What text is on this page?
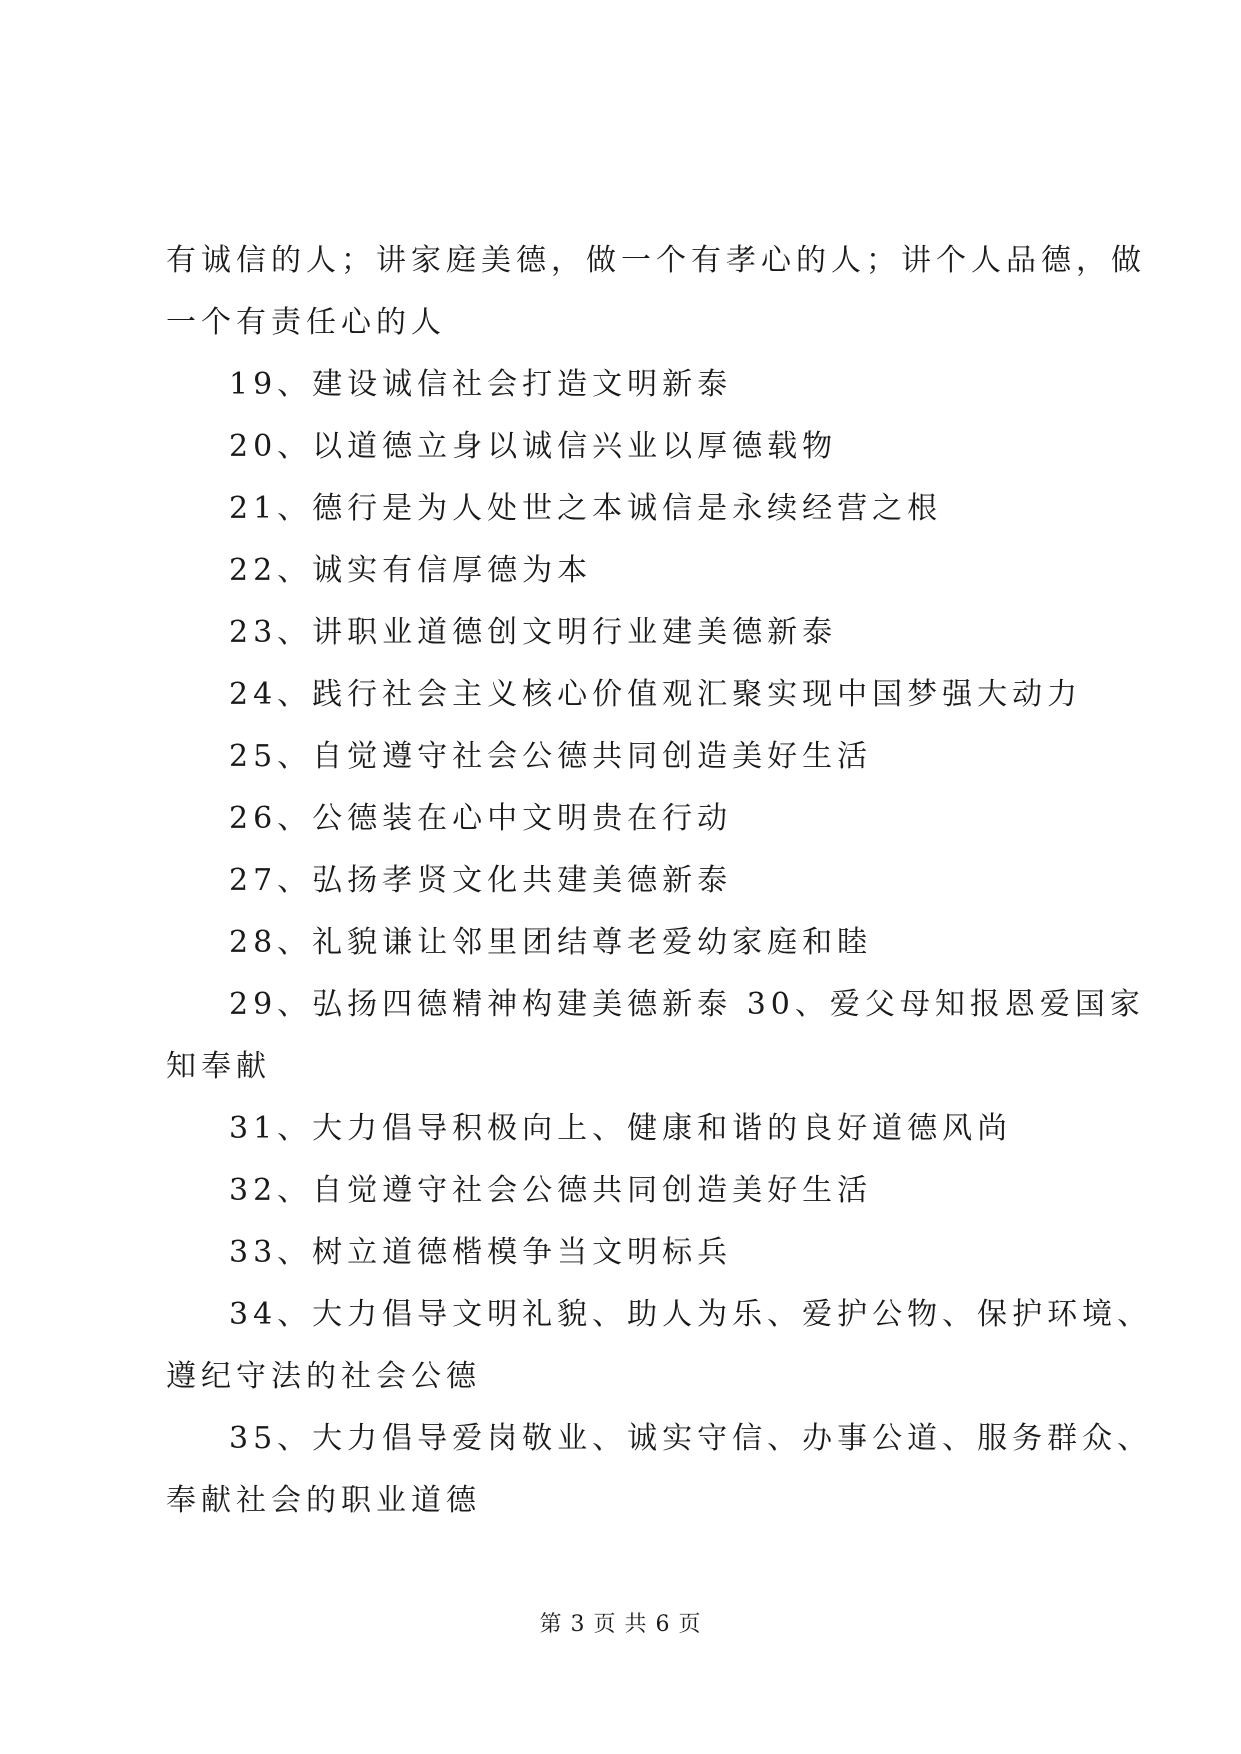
有诚信的人；讲家庭美德，做一个有孝心的人；讲个人品德，做
一个有责任心的人
19、建设诚信社会打造文明新泰
20、以道德立身以诚信兴业以厚德载物
21、德行是为人处世之本诚信是永续经营之根
22、诚实有信厚德为本
23、讲职业道德创文明行业建美德新泰
24、践行社会主义核心价值观汇聚实现中国梦强大动力
25、自觉遵守社会公德共同创造美好生活
26、公德装在心中文明贵在行动
27、弘扬孝贤文化共建美德新泰
28、礼貌谦让邻里团结尊老爱幼家庭和睦
29、弘扬四德精神构建美德新泰 30、爱父母知报恩爱国家
知奉献
31、大力倡导积极向上、健康和谐的良好道德风尚
32、自觉遵守社会公德共同创造美好生活
33、树立道德楷模争当文明标兵
34、大力倡导文明礼貌、助人为乐、爱护公物、保护环境、
遵纪守法的社会公德
35、大力倡导爱岗敬业、诚实守信、办事公道、服务群众、
奉献社会的职业道德
第 3 页 共 6 页
